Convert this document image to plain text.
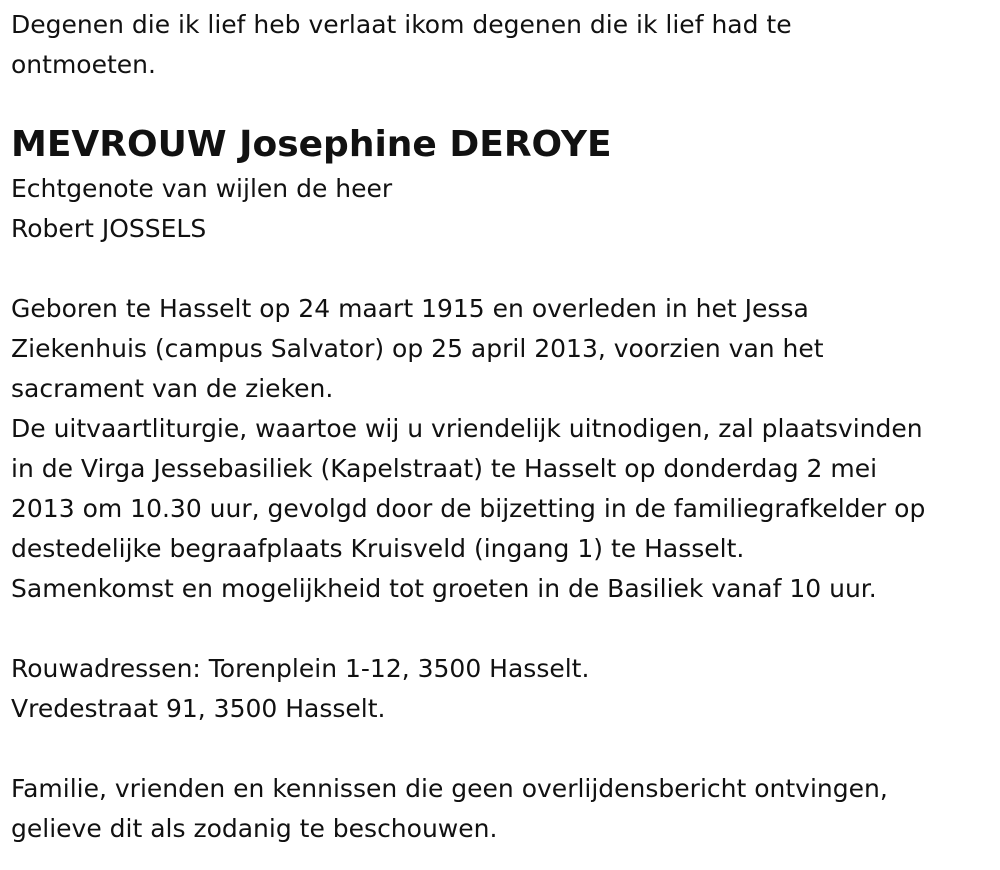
Degenen die ik lief heb verlaat ikom degenen die ik lief had te
ontmoeten.
MEVROUW Josephine DEROYE
Echtgenote van wijlen de heer
Robert JOSSELS
Geboren te Hasselt op 24 maart 1915 en overleden in het Jessa
Ziekenhuis (campus Salvator) op 25 april 2013, voorzien van het
sacrament van de zieken.
De uitvaartliturgie, waartoe wij u vriendelijk uitnodigen, zal plaatsvinden
in de Virga Jessebasiliek (Kapelstraat) te Hasselt op donderdag 2 mei
2013 om 10.30 uur, gevolgd door de bijzetting in de familiegrafkelder op
destedelijke begraafplaats Kruisveld (ingang 1) te Hasselt.
Samenkomst en mogelijkheid tot groeten in de Basiliek vanaf 10 uur.
Rouwadressen: Torenplein 1-12, 3500 Hasselt.
Vredestraat 91, 3500 Hasselt.
Familie, vrienden en kennissen die geen overlijdensbericht ontvingen,
gelieve dit als zodanig te beschouwen.
